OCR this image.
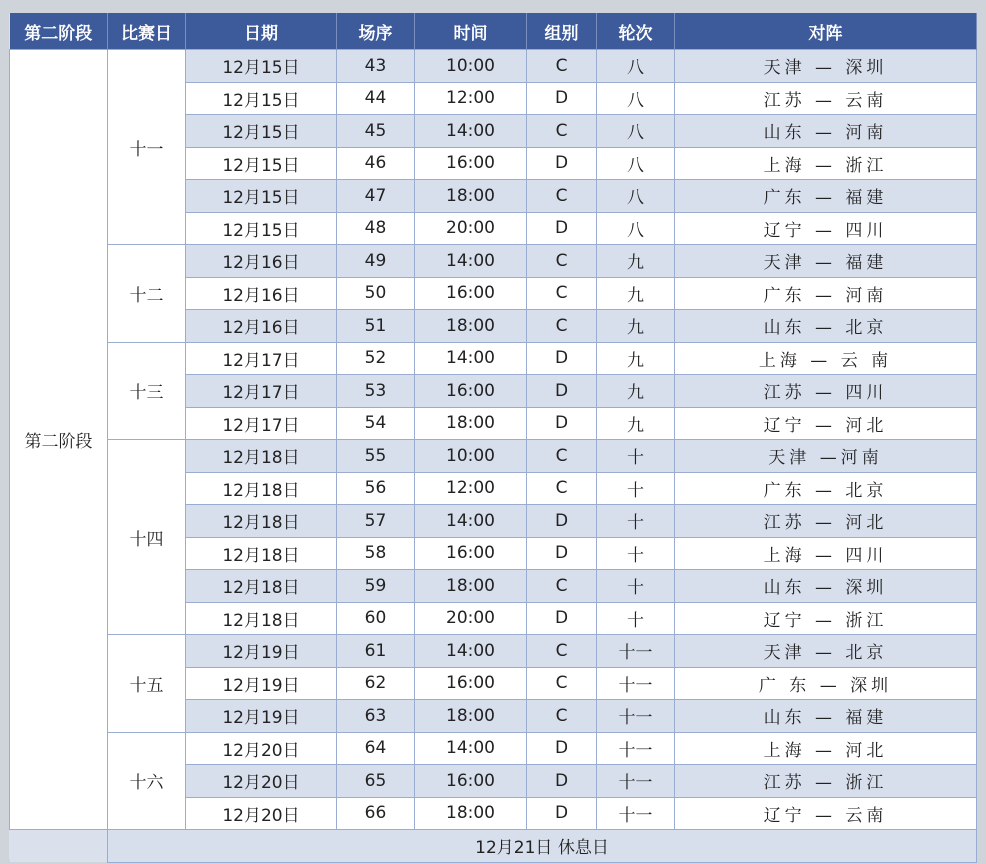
第二阶段	比赛日	日期	场序	时间	组别	轮次	对阵
第二阶段	十一	12月15日	43	10:00	C	八	天津 — 深圳
		12月15日	44	12:00	D	八	江苏 — 云南
		12月15日	45	14:00	C	八	山东 — 河南
		12月15日	46	16:00	D	八	上海 — 浙江
		12月15日	47	18:00	C	八	广东 — 福建
		12月15日	48	20:00	D	八	辽宁 — 四川
	十二	12月16日	49	14:00	C	九	天津 — 福建
		12月16日	50	16:00	C	九	广东 — 河南
		12月16日	51	18:00	C	九	山东 — 北京
	十三	12月17日	52	14:00	D	九	上海 — 云 南
		12月17日	53	16:00	D	九	江苏 — 四川
		12月17日	54	18:00	D	九	辽宁 — 河北
	十四	12月18日	55	10:00	C	十	天津 —河南
		12月18日	56	12:00	C	十	广东 — 北京
		12月18日	57	14:00	D	十	江苏 — 河北
		12月18日	58	16:00	D	十	上海 — 四川
		12月18日	59	18:00	C	十	山东 — 深圳
		12月18日	60	20:00	D	十	辽宁 — 浙江
	十五	12月19日	61	14:00	C	十一	天津 — 北京
		12月19日	62	16:00	C	十一	广 东 — 深圳
		12月19日	63	18:00	C	十一	山东 — 福建
	十六	12月20日	64	14:00	D	十一	上海 — 河北
		12月20日	65	16:00	D	十一	江苏 — 浙江
		12月20日	66	18:00	D	十一	辽宁 — 云南
	12月21日 休息日						
